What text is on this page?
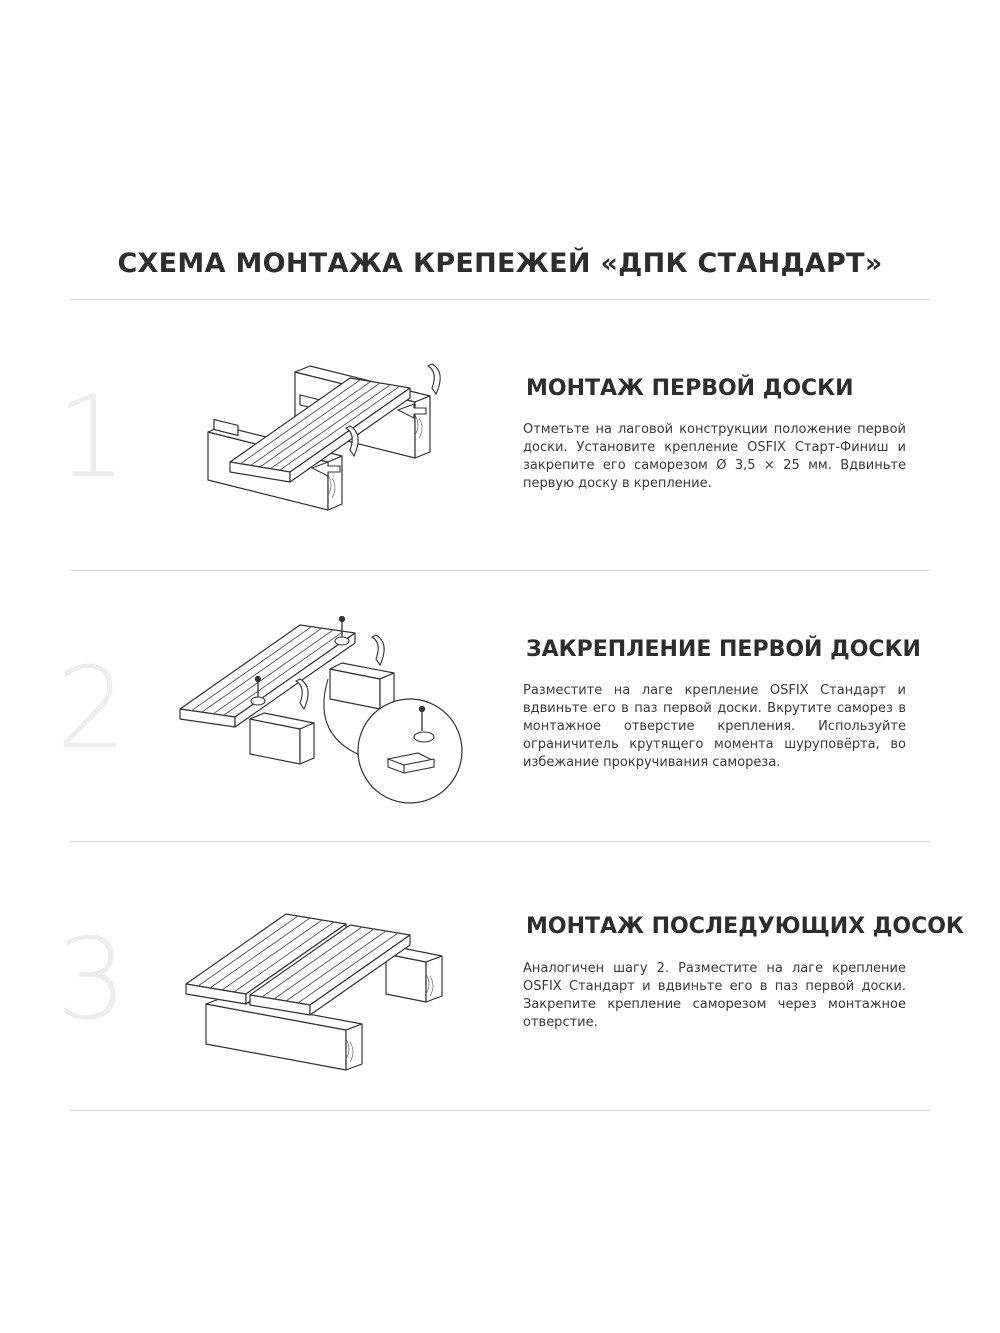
СХЕМА МОНТАЖА КРЕПЕЖЕЙ «ДПК СТАНДАРТ»
1	МОНТАЖ ПЕРВОЙ ДОСКИ
Отметьте на лаговой конструкции положение первой доски. Установите крепление OSFIX Старт-Финиш и закрепите его саморезом Ø 3,5 × 25 мм. Вдвиньте первую доску в крепление.
2	ЗАКРЕПЛЕНИЕ ПЕРВОЙ ДОСКИ
Разместите на лаге крепление OSFIX Стандарт и вдвиньте его в паз первой доски. Вкрутите саморез в монтажное отверстие крепления. Используйте ограничитель крутящего момента шуруповёрта, во избежание прокручивания самореза.
3	МОНТАЖ ПОСЛЕДУЮЩИХ ДОСОК
Аналогичен шагу 2. Разместите на лаге крепление OSFIX Стандарт и вдвиньте его в паз первой доски. Закрепите крепление саморезом через монтажное отверстие.
